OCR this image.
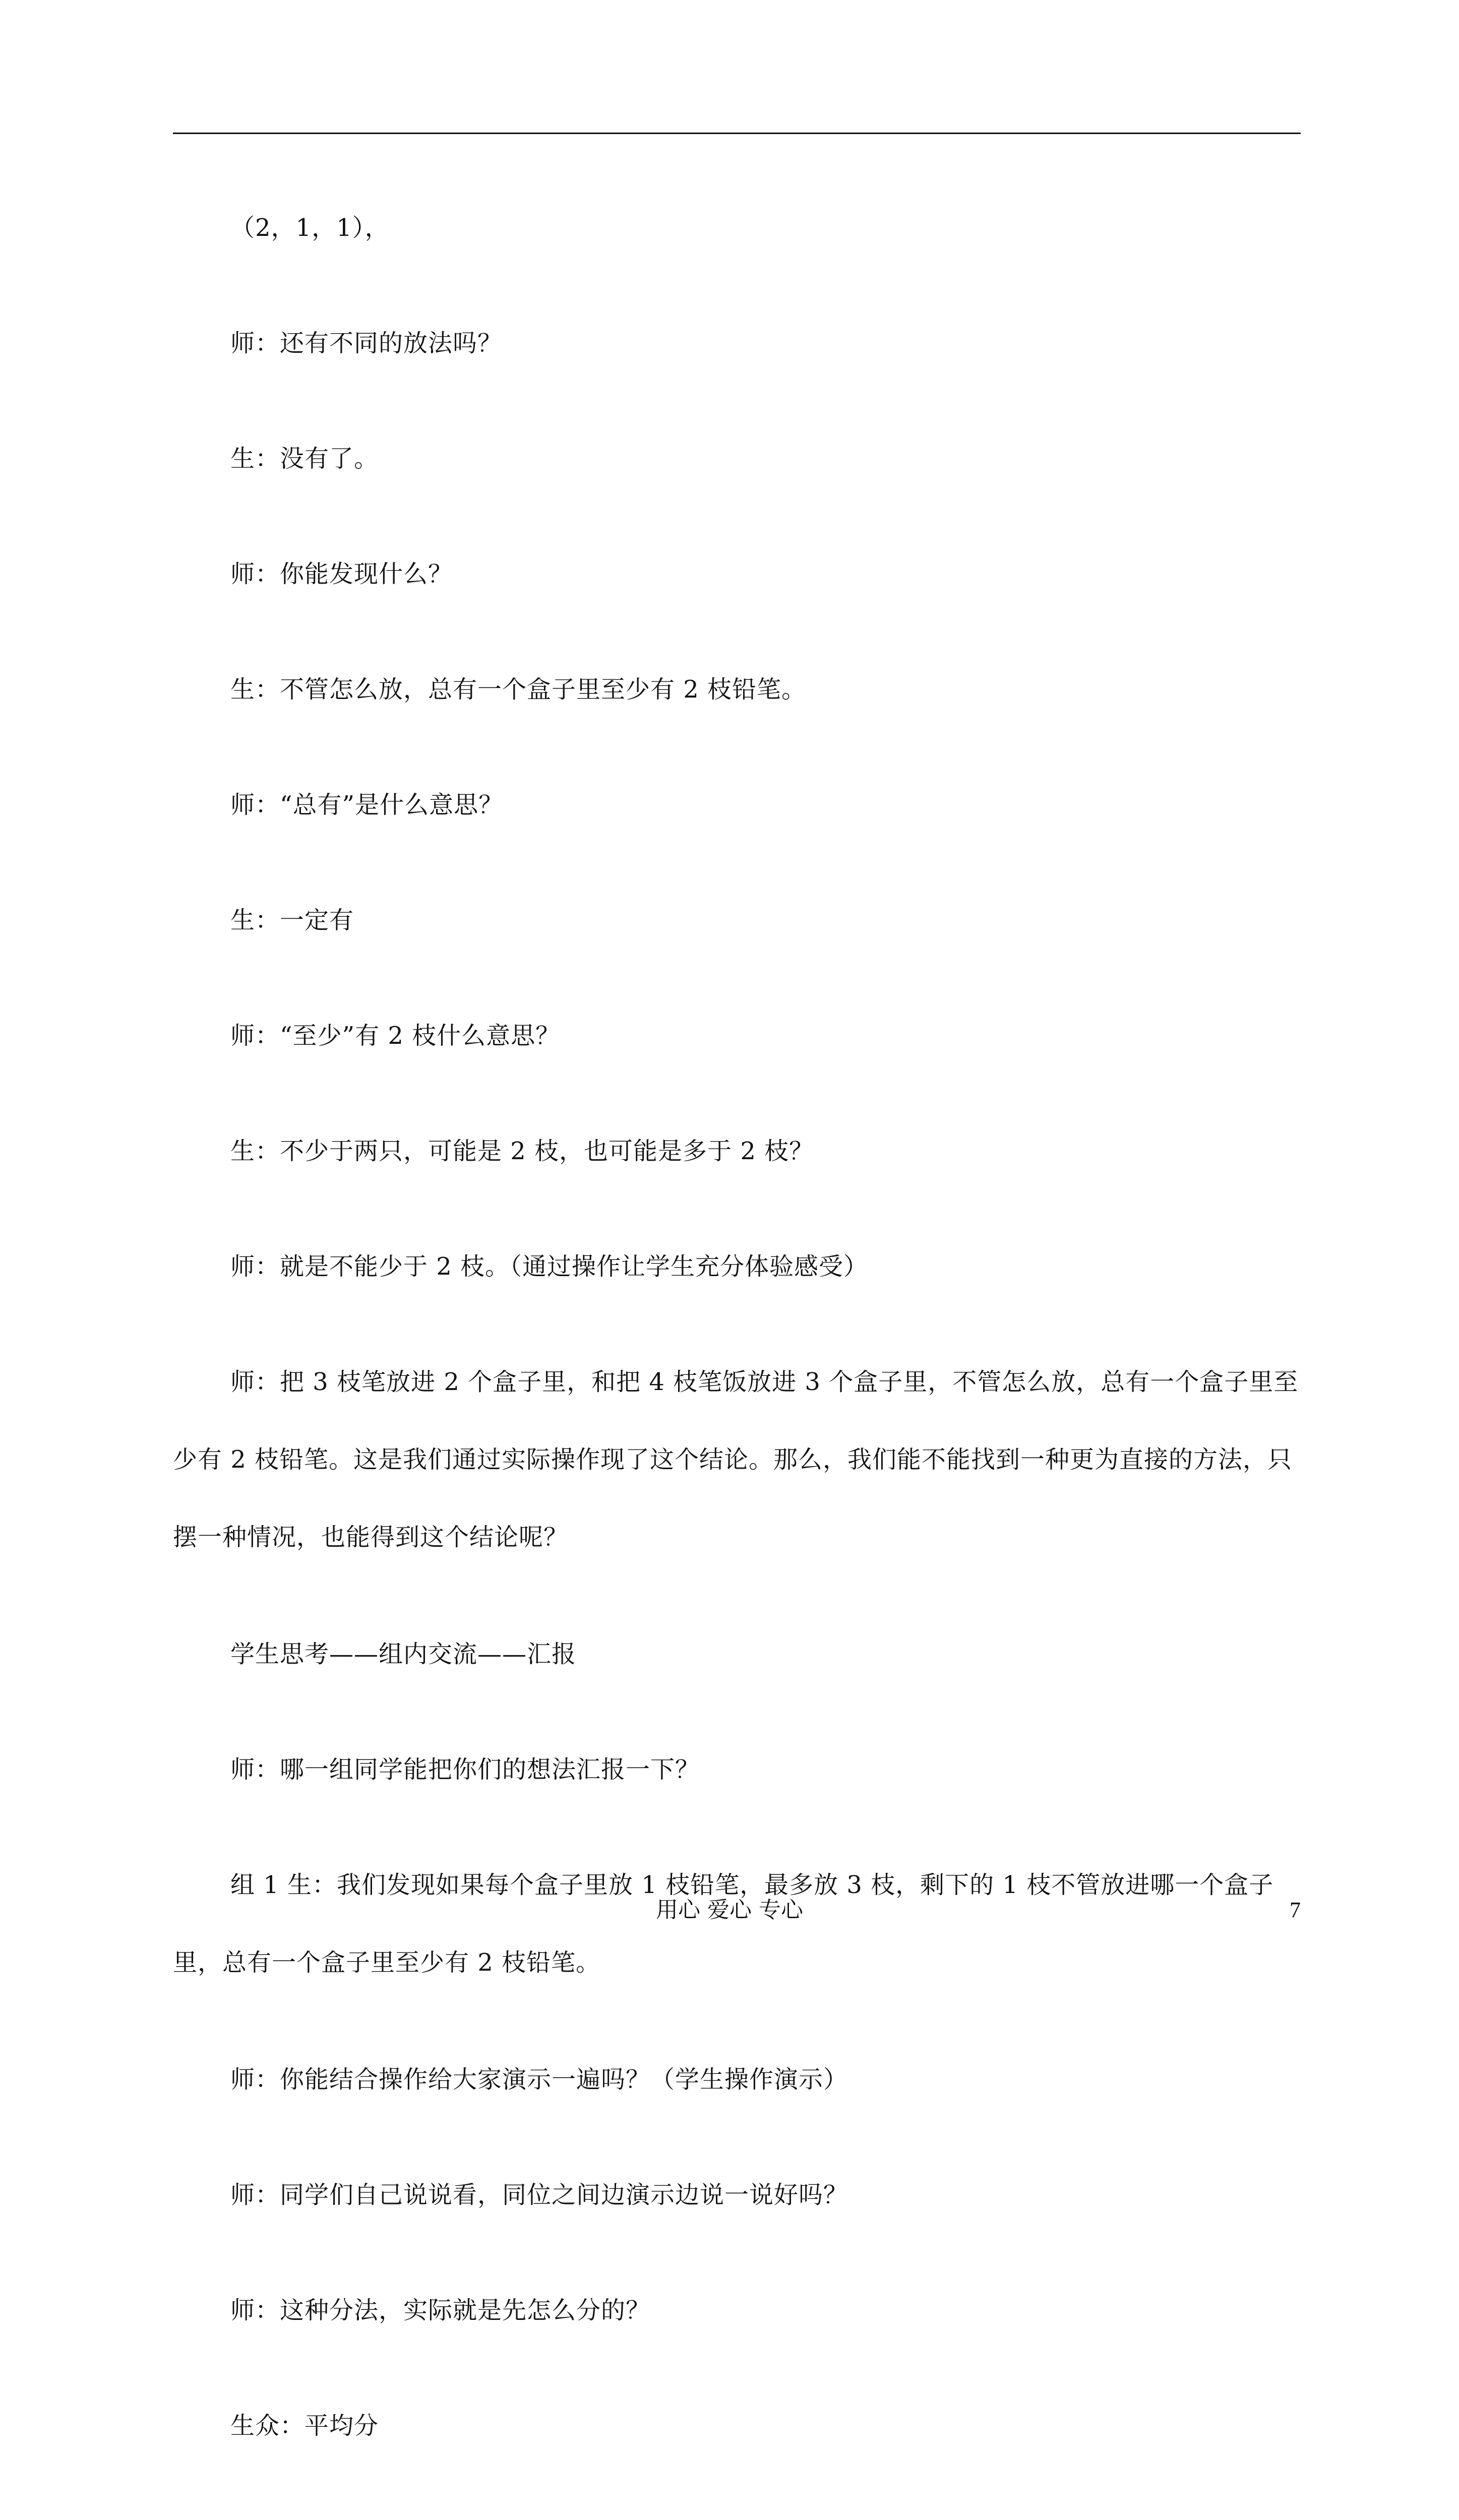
（2，1，1），

师：还有不同的放法吗？

生：没有了。

师：你能发现什么？

生：不管怎么放，总有一个盒子里至少有 2 枝铅笔。

师：“总有”是什么意思？

生：一定有

师：“至少”有 2 枝什么意思？

生：不少于两只，可能是 2 枝，也可能是多于 2 枝？

师：就是不能少于 2 枝。（通过操作让学生充分体验感受）

师：把 3 枝笔放进 2 个盒子里，和把 4 枝笔饭放进 3 个盒子里，不管怎么放，总有一个盒子里至少有 2 枝铅笔。这是我们通过实际操作现了这个结论。那么，我们能不能找到一种更为直接的方法，只摆一种情况，也能得到这个结论呢？

学生思考——组内交流——汇报

师：哪一组同学能把你们的想法汇报一下？

组 1 生：我们发现如果每个盒子里放 1 枝铅笔，最多放 3 枝，剩下的 1 枝不管放进哪一个盒子里，总有一个盒子里至少有 2 枝铅笔。

师：你能结合操作给大家演示一遍吗？（学生操作演示）

师：同学们自己说说看，同位之间边演示边说一说好吗？

师：这种分法，实际就是先怎么分的？

生众：平均分

用心 爱心 专心	7
